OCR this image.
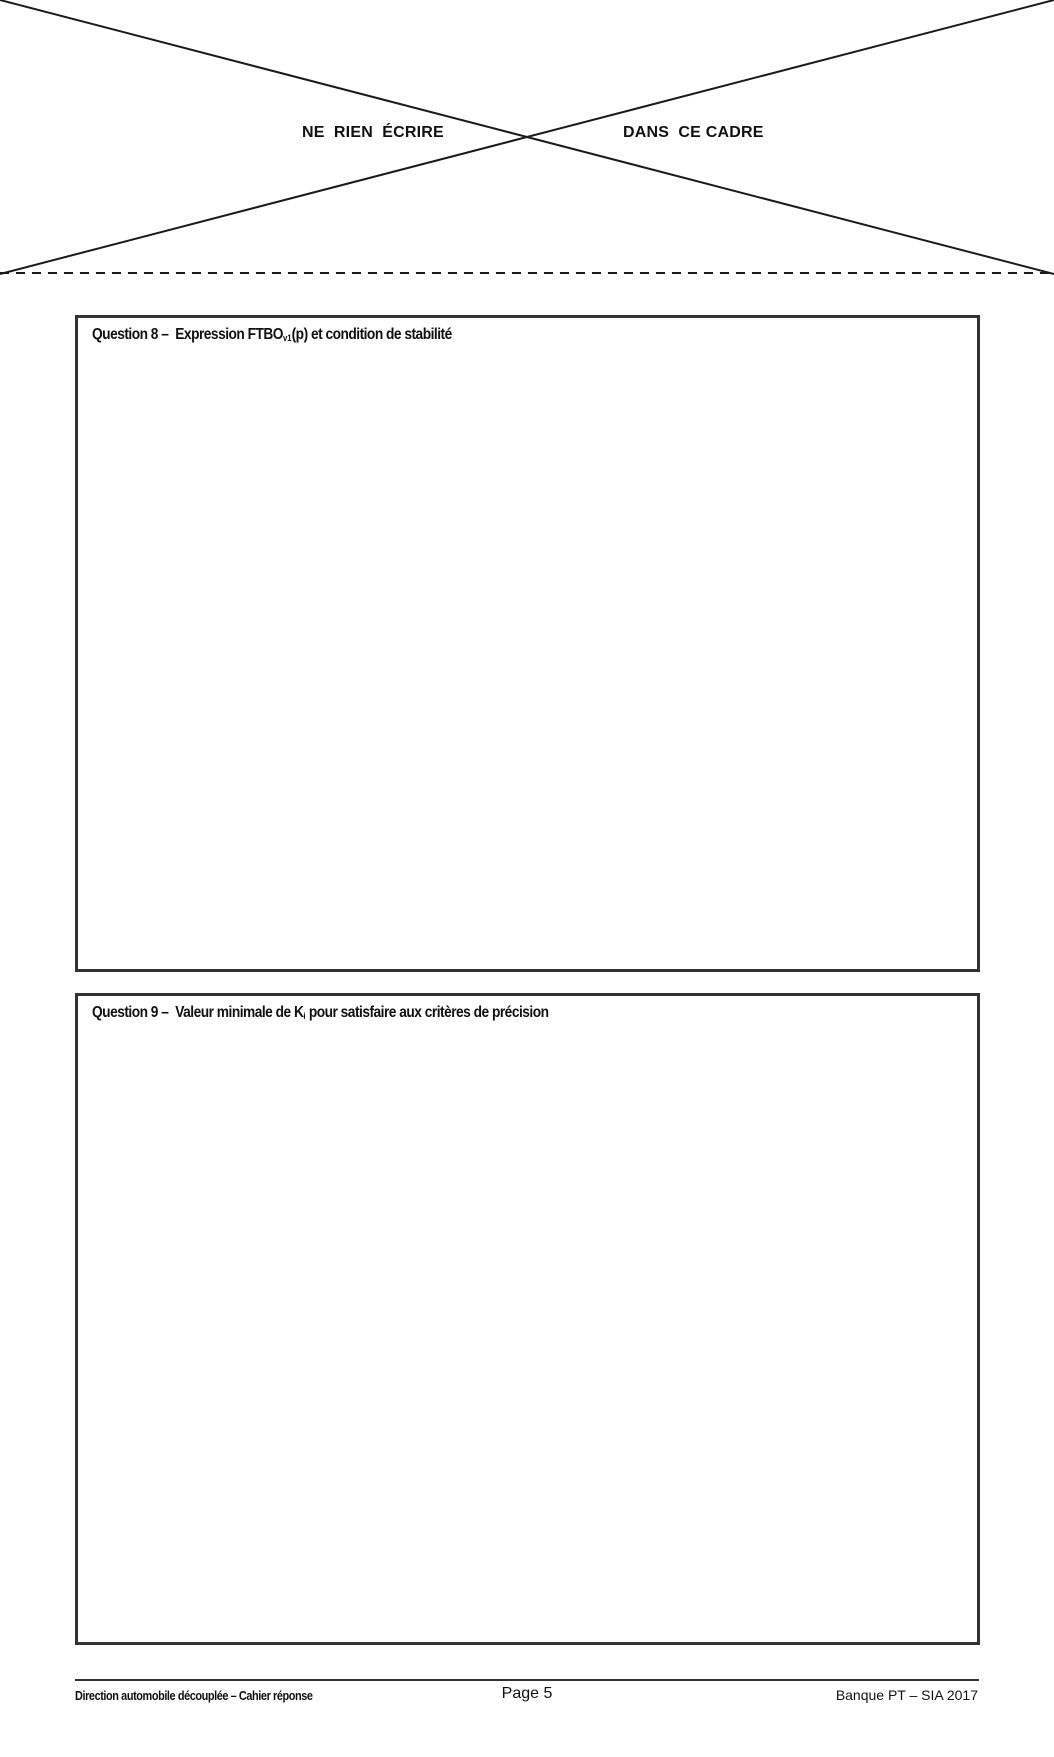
NE  RIEN  ÉCRIRE	DANS  CE CADRE
Question 8 – Expression $FTBO_{v1}(p)$ et condition de stabilité
Question 9 – Valeur minimale de $K_i$ pour satisfaire aux critères de précision
Direction automobile découplée – Cahier réponse	Page 5	Banque PT – SIA 2017
